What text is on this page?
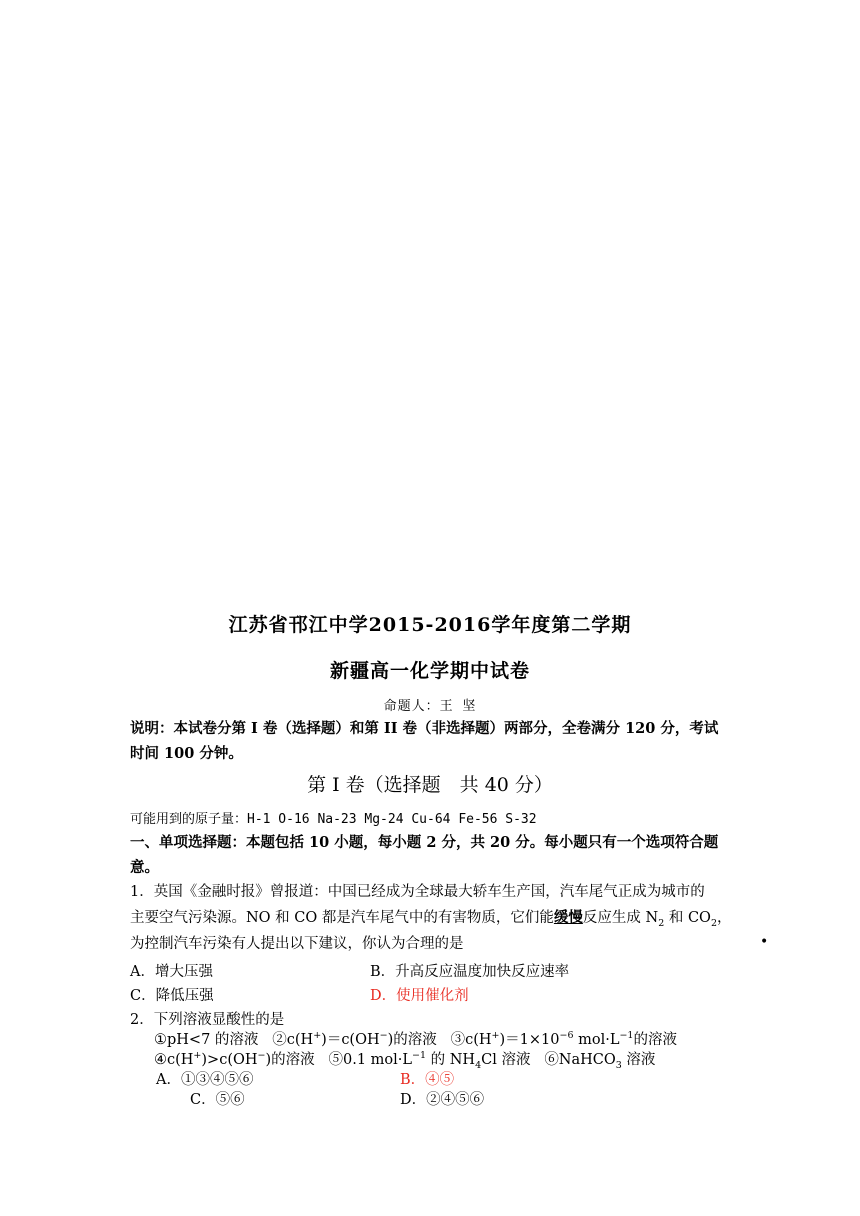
江苏省邗江中学2015-2016学年度第二学期
新疆高一化学期中试卷
命题人：王 坚
说明：本试卷分第 I 卷（选择题）和第 II 卷（非选择题）两部分，全卷满分 120 分，考试
时间 100 分钟。
第 I 卷（选择题　共 40 分）
可能用到的原子量：H-1 O-16 Na-23 Mg-24 Cu-64 Fe-56 S-32
一、单项选择题：本题包括 10 小题，每小题 2 分，共 20 分。每小题只有一个选项符合题
意。
1．英国《金融时报》曾报道：中国已经成为全球最大轿车生产国，汽车尾气正成为城市的
主要空气污染源。NO 和 CO 都是汽车尾气中的有害物质，它们能缓慢反应生成 $N_2$ 和 $CO_2$，
为控制汽车污染有人提出以下建议，你认为合理的是	•
A．增大压强	B．升高反应温度加快反应速率
C．降低压强	D．使用催化剂
2．下列溶液显酸性的是
①pH<7 的溶液 ②c(H+)＝c(OH−)的溶液 $③c(H^+)=1\times 10^{-6}$ $mol\cdot L^{-1}$的溶液
④c(H+)>c(OH−)的溶液 ⑤0.1 $mol\cdot L^{-1}$ 的 $NH_4Cl$ 溶液 ⑥NaHCO$_3$ 溶液
A．①③④⑤⑥	B．④⑤
C．⑤⑥	D．②④⑤⑥
